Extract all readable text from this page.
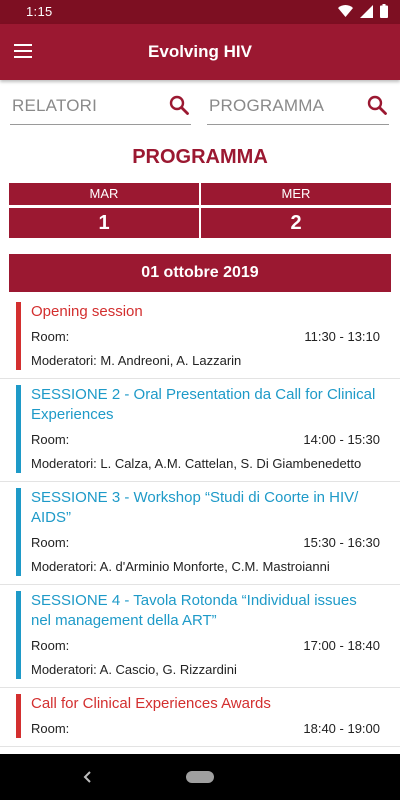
1:15
Evolving HIV
RELATORI
PROGRAMMA
PROGRAMMA
MAR
1
MER
2
01 ottobre 2019
Opening session
Room:	11:30 - 13:10
Moderatori: M. Andreoni, A. Lazzarin
SESSIONE 2 - Oral Presentation da Call for Clinical Experiences
Room:	14:00 - 15:30
Moderatori: L. Calza, A.M. Cattelan, S. Di Giambenedetto
SESSIONE 3 - Workshop “Studi di Coorte in HIV/ AIDS”
Room:	15:30 - 16:30
Moderatori: A. d'Arminio Monforte, C.M. Mastroianni
SESSIONE 4 - Tavola Rotonda “Individual issues nel management della ART”
Room:	17:00 - 18:40
Moderatori: A. Cascio, G. Rizzardini
Call for Clinical Experiences Awards
Room:	18:40 - 19:00
